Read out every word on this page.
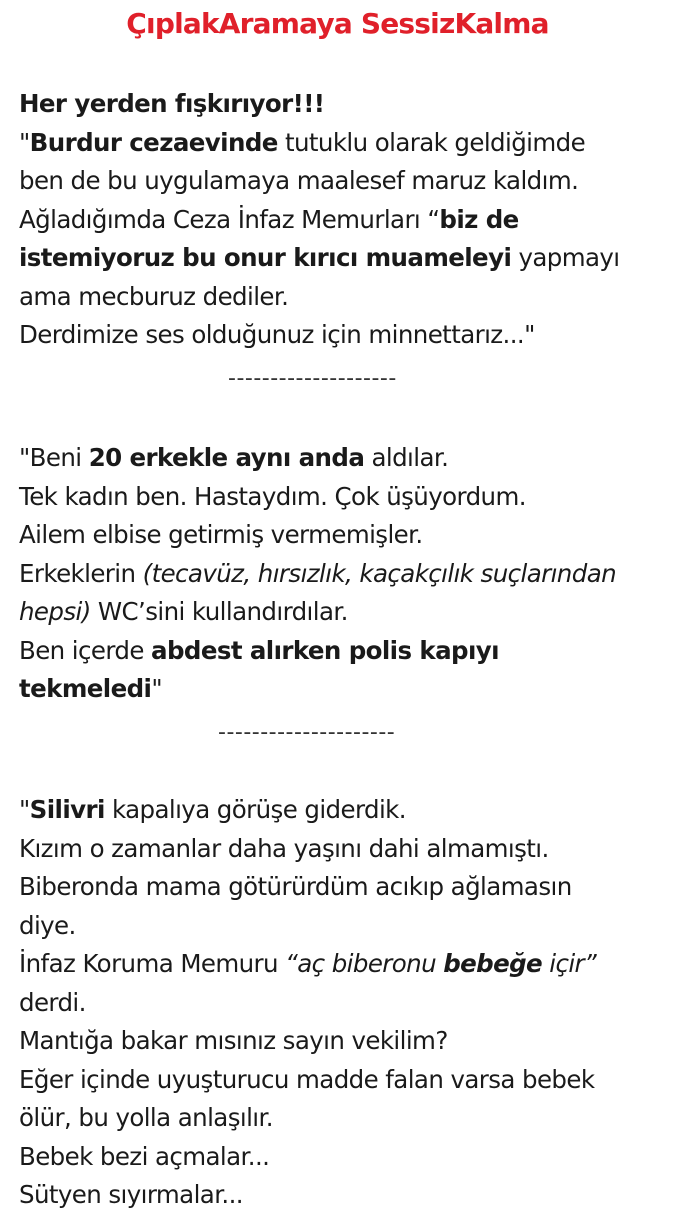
ÇıplakAramaya SessizKalma
Her yerden fışkırıyor!!!
"Burdur cezaevinde tutuklu olarak geldiğimde
ben de bu uygulamaya maalesef maruz kaldım.
Ağladığımda Ceza İnfaz Memurları “biz de
istemiyoruz bu onur kırıcı muameleyi yapmayı
ama mecburuz dediler.
Derdimize ses olduğunuz için minnettarız..."
--------------------
"Beni 20 erkekle aynı anda aldılar.
Tek kadın ben. Hastaydım. Çok üşüyordum.
Ailem elbise getirmiş vermemişler.
Erkeklerin (tecavüz, hırsızlık, kaçakçılık suçlarından
hepsi) WC’sini kullandırdılar.
Ben içerde abdest alırken polis kapıyı
tekmeledi"
---------------------
"Silivri kapalıya görüşe giderdik.
Kızım o zamanlar daha yaşını dahi almamıştı.
Biberonda mama götürürdüm acıkıp ağlamasın
diye.
İnfaz Koruma Memuru “aç biberonu bebeğe içir”
derdi.
Mantığa bakar mısınız sayın vekilim?
Eğer içinde uyuşturucu madde falan varsa bebek
ölür, bu yolla anlaşılır.
Bebek bezi açmalar...
Sütyen sıyırmalar...
